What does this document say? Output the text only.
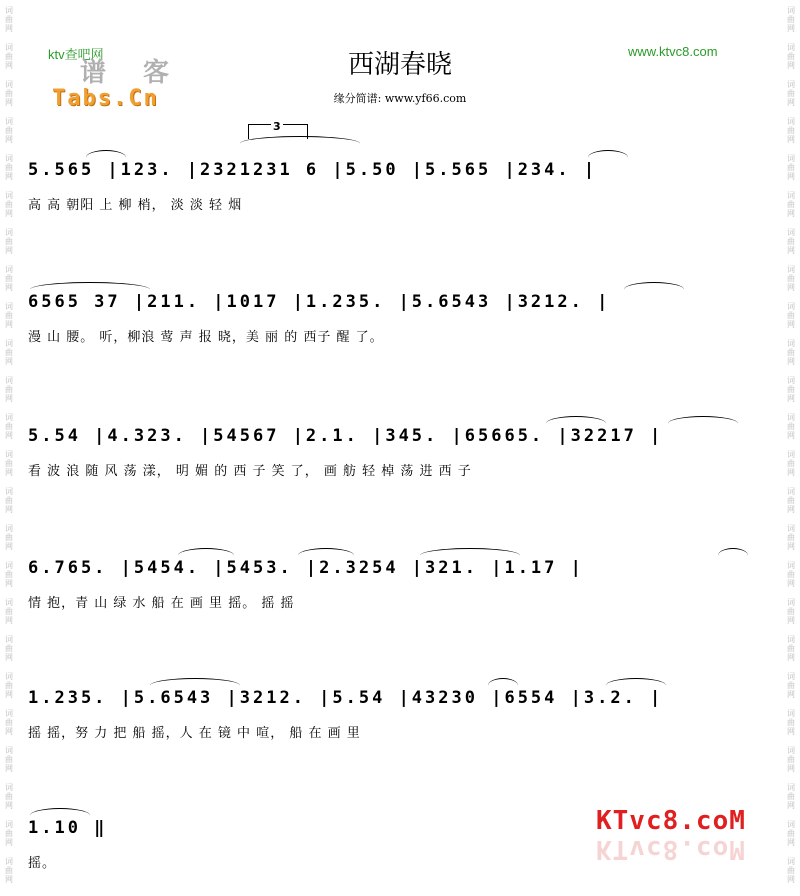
词
曲
网
词
曲
网
词
曲
网
词
曲
网
词
曲
网
词
曲
网
词
曲
网
词
曲
网
词
曲
网
词
曲
网
词
曲
网
词
曲
网
词
曲
网
词
曲
网
词
曲
网
词
曲
网
词
曲
网
词
曲
网
词
曲
网
词
曲
网
词
曲
网
词
曲
网
词
曲
网
词
曲
网
词
曲
网
词
曲
网
词
曲
网
词
曲
网
词
曲
网
词
曲
网
词
曲
网
词
曲
网
词
曲
网
词
曲
网
词
曲
网
词
曲
网
词
曲
网
词
曲
网
词
曲
网
词
曲
网
词
曲
网
词
曲
网
词
曲
网
词
曲
网
词
曲
网
词
曲
网
词
曲
网
词
曲
网
ktv查吧网
谱 客
Tabs.Cn
www.ktvc8.com
西湖春晓
缘分简谱: www.yf66.com
3
5.565 |123. |2321231 6 |5.50 |5.565 |234. |
高 高 朝阳 上 柳 梢， 淡 淡 轻 烟
6565 37 |211. |1017 |1.235. |5.6543 |3212. |
漫 山 腰。 听，柳浪 莺 声 报 晓，美 丽 的 西子 醒 了。
5.54 |4.323. |54567 |2.1. |345. |65665. |32217 |
看 波 浪 随 风 荡 漾， 明 媚 的 西 子 笑 了， 画 舫 轻 棹 荡 进 西 子
6.765. |5454. |5453. |2.3254 |321. |1.17 |
情 抱，青 山 绿 水 船 在 画 里 摇。 摇 摇
1.235. |5.6543 |3212. |5.54 |43230 |6554 |3.2. |
摇 摇，努 力 把 船 摇，人 在 镜 中 喧， 船 在 画 里
1.10 ‖
摇。
KTvc8.coM
KTvc8.coM
